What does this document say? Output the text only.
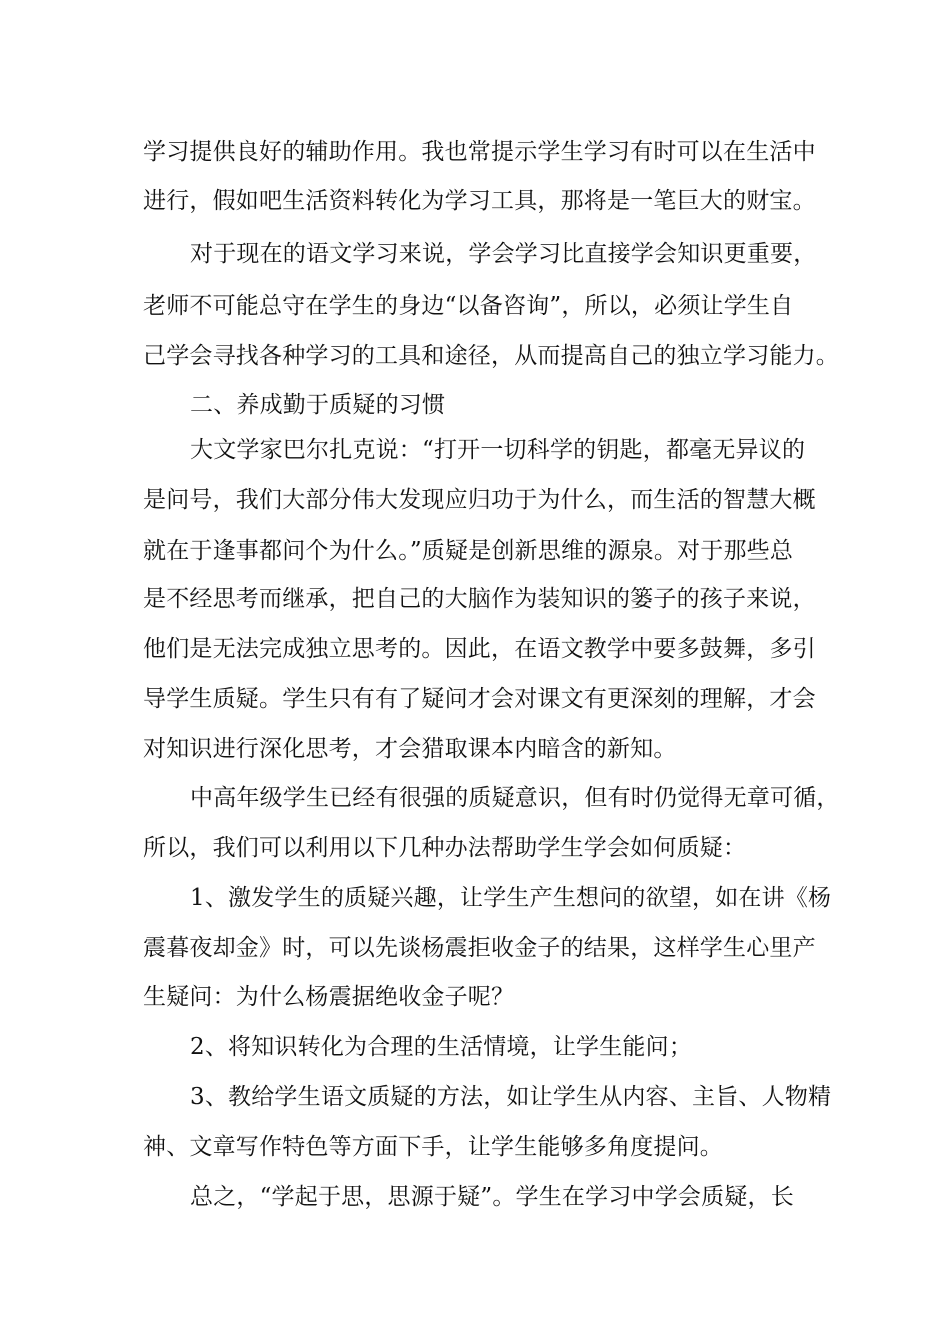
学习提供良好的辅助作用。我也常提示学生学习有时可以在生活中
进行，假如吧生活资料转化为学习工具，那将是一笔巨大的财宝。
对于现在的语文学习来说，学会学习比直接学会知识更重要，
老师不可能总守在学生的身边“以备咨询”，所以，必须让学生自
己学会寻找各种学习的工具和途径，从而提高自己的独立学习能力。
二、养成勤于质疑的习惯
大文学家巴尔扎克说：“打开一切科学的钥匙，都毫无异议的
是问号，我们大部分伟大发现应归功于为什么，而生活的智慧大概
就在于逢事都问个为什么。”质疑是创新思维的源泉。对于那些总
是不经思考而继承，把自己的大脑作为装知识的篓子的孩子来说，
他们是无法完成独立思考的。因此，在语文教学中要多鼓舞，多引
导学生质疑。学生只有有了疑问才会对课文有更深刻的理解，才会
对知识进行深化思考，才会猎取课本内暗含的新知。
中高年级学生已经有很强的质疑意识，但有时仍觉得无章可循，
所以，我们可以利用以下几种办法帮助学生学会如何质疑：
1、激发学生的质疑兴趣，让学生产生想问的欲望，如在讲《杨
震暮夜却金》时，可以先谈杨震拒收金子的结果，这样学生心里产
生疑问：为什么杨震据绝收金子呢？
2、将知识转化为合理的生活情境，让学生能问；
3、教给学生语文质疑的方法，如让学生从内容、主旨、人物精
神、文章写作特色等方面下手，让学生能够多角度提问。
总之，“学起于思，思源于疑”。学生在学习中学会质疑，长
